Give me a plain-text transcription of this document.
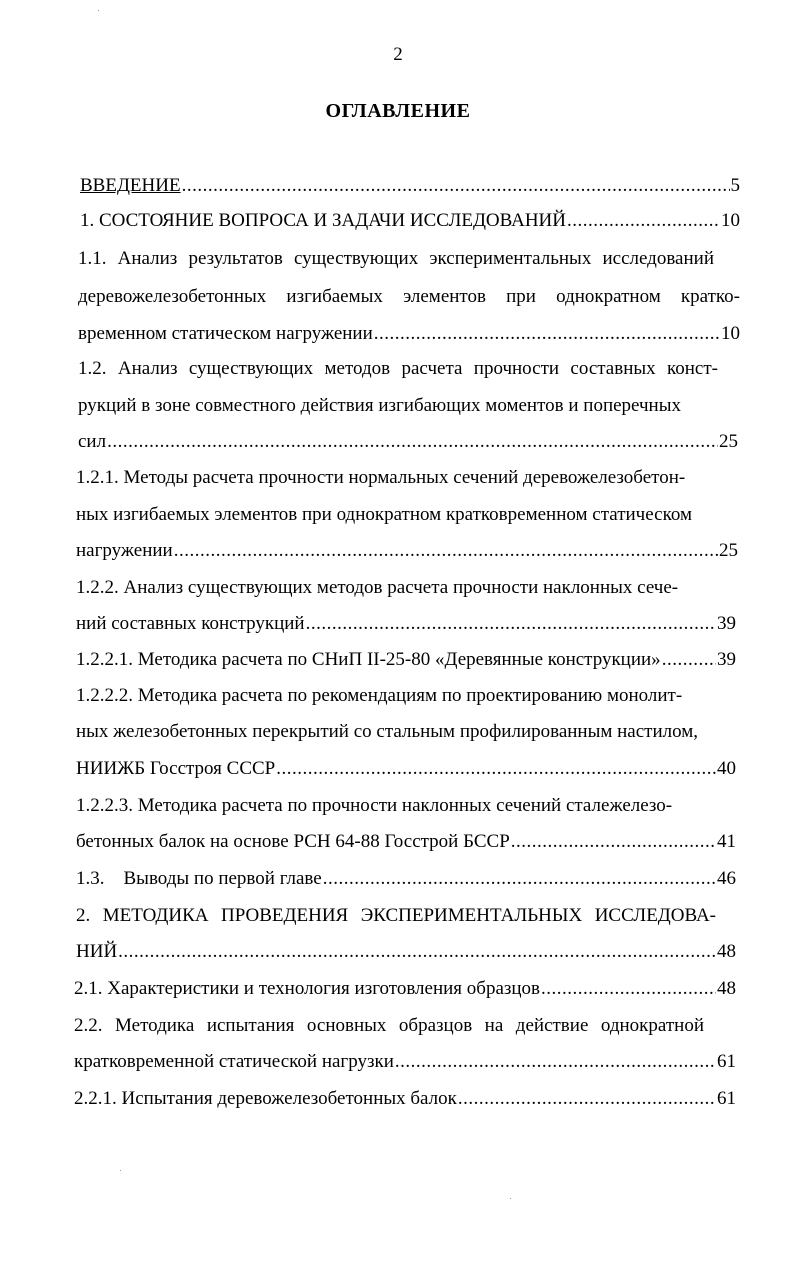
2
ОГЛАВЛЕНИЕ
ВВЕДЕНИЕ .....	5
1. СОСТОЯНИЕ ВОПРОСА И ЗАДАЧИ ИССЛЕДОВАНИЙ .....	10
1.1. Анализ результатов существующих экспериментальных исследований
деревожелезобетонных изгибаемых элементов при однократном кратко-
временном статическом нагружении .....	10
1.2. Анализ существующих методов расчета прочности составных конст-
рукций в зоне совместного действия изгибающих моментов и поперечных
сил .....	25
1.2.1. Методы расчета прочности нормальных сечений деревожелезобетон-
ных изгибаемых элементов при однократном кратковременном статическом
нагружении .....	25
1.2.2. Анализ существующих методов расчета прочности наклонных сече-
ний составных конструкций .....	39
1.2.2.1. Методика расчета по СНиП II-25-80 «Деревянные конструкции» .....	39
1.2.2.2. Методика расчета по рекомендациям по проектированию монолит-
ных железобетонных перекрытий со стальным профилированным настилом,
НИИЖБ Госстроя СССР .....	40
1.2.2.3. Методика расчета по прочности наклонных сечений сталежелезо-
бетонных балок на основе РСН 64-88 Госстрой БССР .....	41
1.3.    Выводы по первой главе .....	46
2. МЕТОДИКА ПРОВЕДЕНИЯ ЭКСПЕРИМЕНТАЛЬНЫХ ИССЛЕДОВА-
НИЙ .....	48
2.1. Характеристики и технология изготовления образцов .....	48
2.2. Методика испытания основных образцов на действие однократной
кратковременной статической нагрузки .....	61
2.2.1. Испытания деревожелезобетонных балок .....	61
